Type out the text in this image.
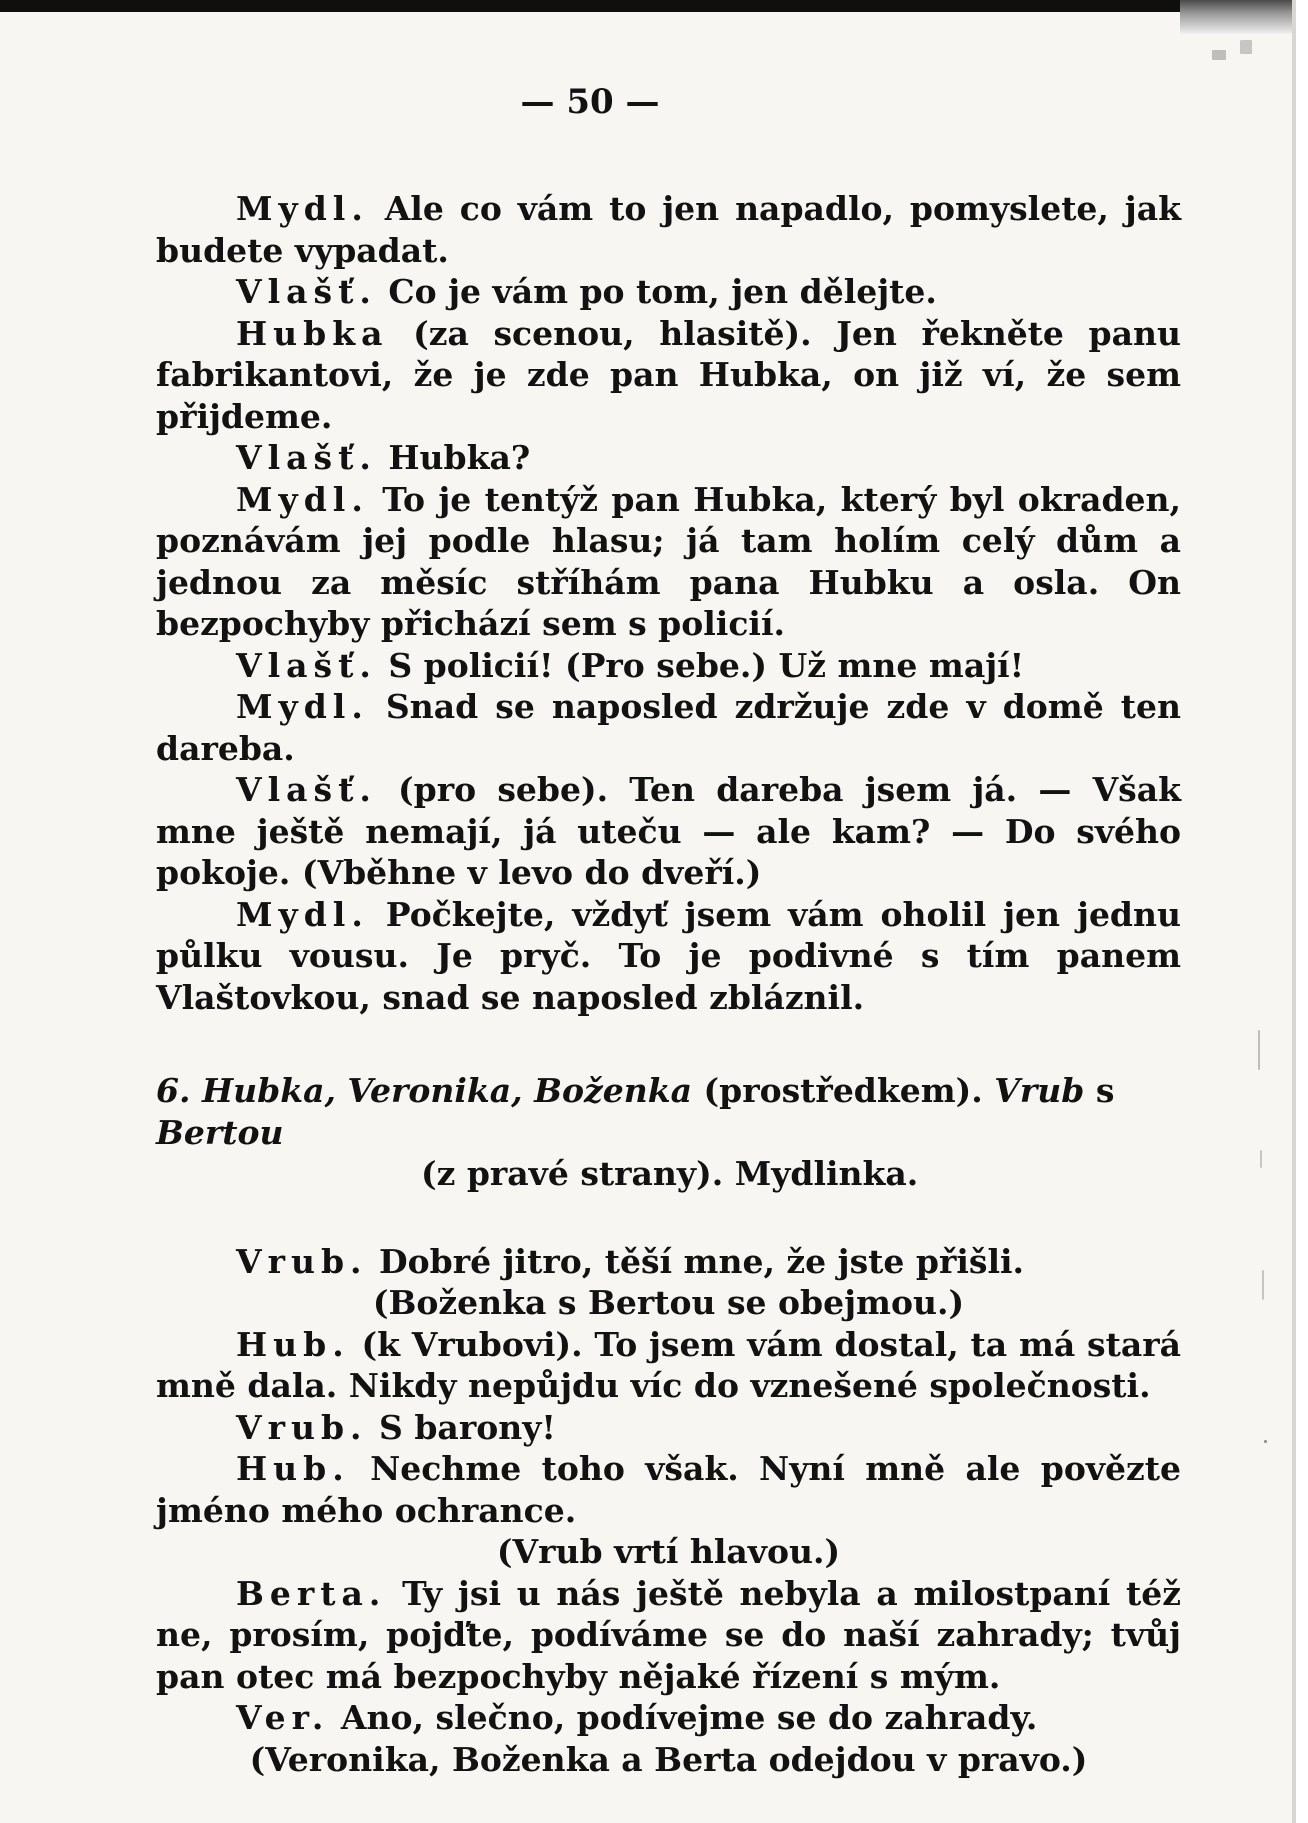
— 50 —

Mydl. Ale co vám to jen napadlo, pomyslete, jak budete vypadat.

Vlašť. Co je vám po tom, jen dělejte.

Hubka (za scenou, hlasitě). Jen řekněte panu fabrikantovi, že je zde pan Hubka, on již ví, že sem přijdeme.

Vlašť. Hubka?

Mydl. To je tentýž pan Hubka, který byl okraden, poznávám jej podle hlasu; já tam holím celý dům a jednou za měsíc stříhám pana Hubku a osla. On bezpochyby přichází sem s policií.

Vlašť. S policií! (Pro sebe.) Už mne mají!

Mydl. Snad se naposled zdržuje zde v domě ten dareba.

Vlašť. (pro sebe). Ten dareba jsem já. — Však mne ještě nemají, já uteču — ale kam? — Do svého pokoje. (Vběhne v levo do dveří.)

Mydl. Počkejte, vždyť jsem vám oholil jen jednu půlku vousu. Je pryč. To je podivné s tím panem Vlaštovkou, snad se naposled zbláznil.

6. Hubka, Veronika, Boženka (prostředkem). Vrub s Bertou

(z pravé strany). Mydlinka.

Vrub. Dobré jitro, těší mne, že jste přišli.

(Boženka s Bertou se obejmou.)

Hub. (k Vrubovi). To jsem vám dostal, ta má stará mně dala. Nikdy nepůjdu víc do vznešené společnosti.

Vrub. S barony!

Hub. Nechme toho však. Nyní mně ale povězte jméno mého ochrance.

(Vrub vrtí hlavou.)

Berta. Ty jsi u nás ještě nebyla a milostpaní též ne, prosím, pojďte, podíváme se do naší zahrady; tvůj pan otec má bezpochyby nějaké řízení s mým.

Ver. Ano, slečno, podívejme se do zahrady.

(Veronika, Boženka a Berta odejdou v pravo.)
